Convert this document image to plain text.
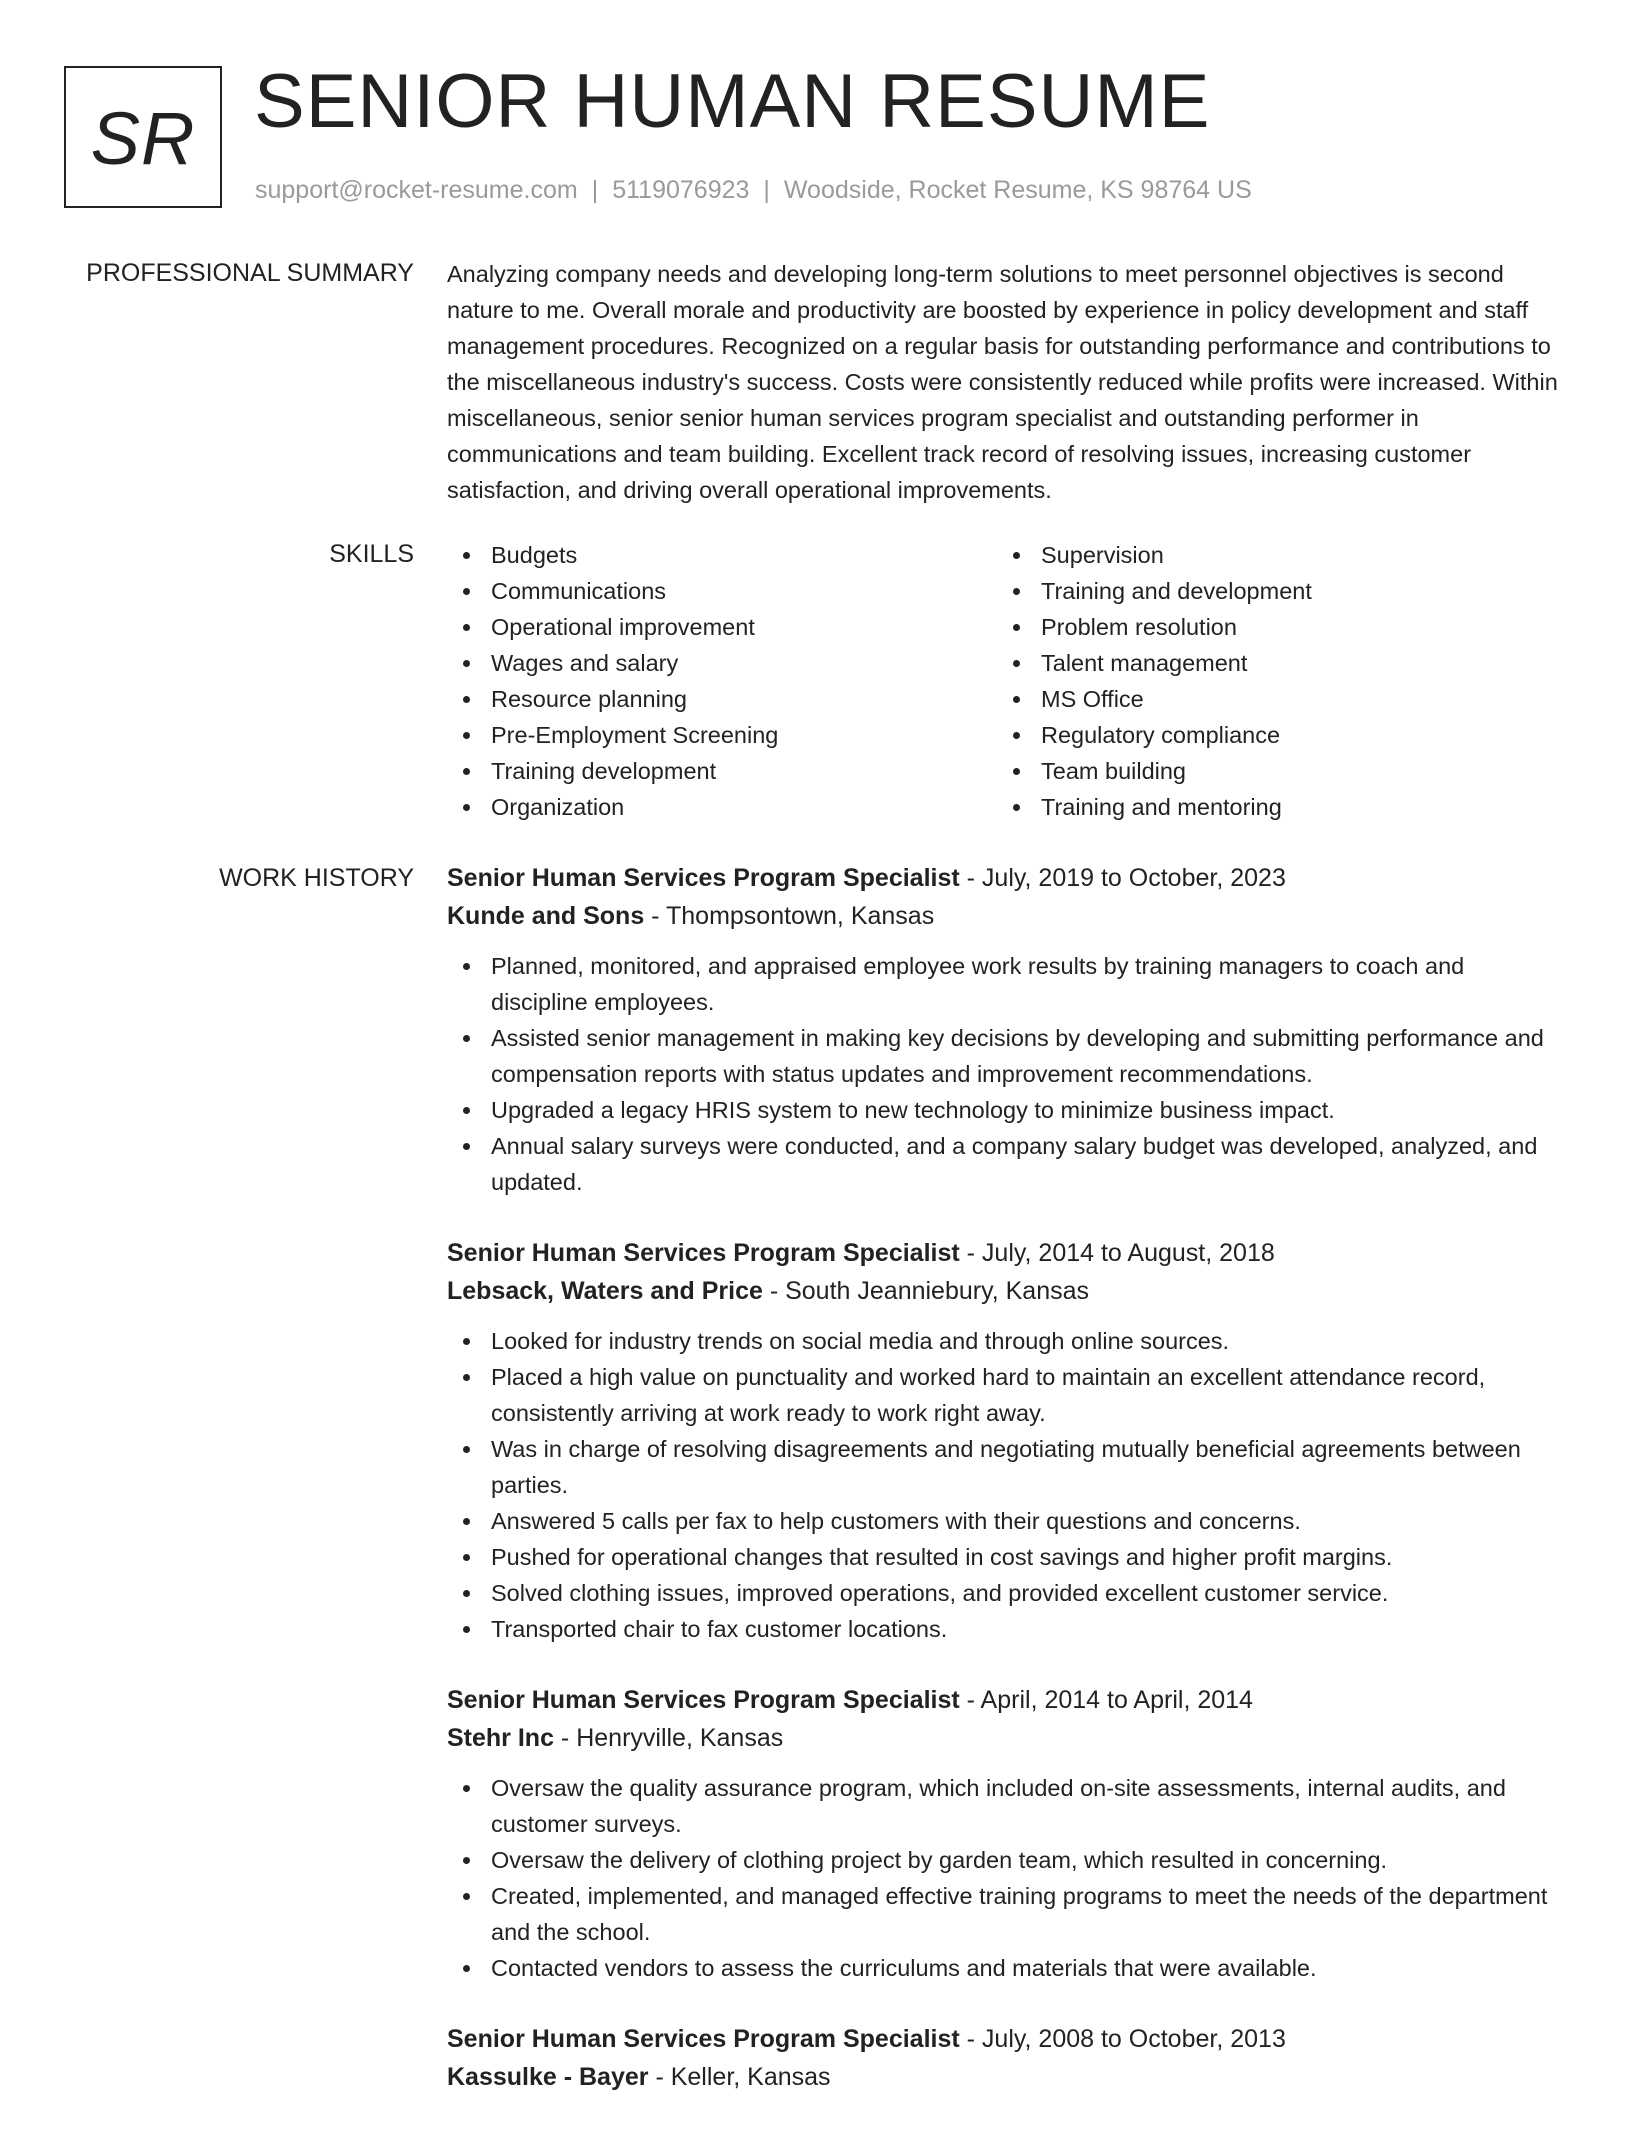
SR SENIOR HUMAN RESUME
support@rocket-resume.com | 5119076923 | Woodside, Rocket Resume, KS 98764 US
PROFESSIONAL SUMMARY Analyzing company needs and developing long-term solutions to meet personnel objectives is second nature to me. Overall morale and productivity are boosted by experience in policy development and staff management procedures. Recognized on a regular basis for outstanding performance and contributions to the miscellaneous industry's success. Costs were consistently reduced while profits were increased. Within miscellaneous, senior senior human services program specialist and outstanding performer in communications and team building. Excellent track record of resolving issues, increasing customer satisfaction, and driving overall operational improvements.

SKILLS	Budgets
Communications
Operational improvement
Wages and salary
Resource planning
Pre-Employment Screening
Training development
Organization
Supervision
Training and development
Problem resolution
Talent management
MS Office
Regulatory compliance
Team building
Training and mentoring
WORK HISTORY Senior Human Services Program Specialist - July, 2019 to October, 2023
Kunde and Sons - Thompsontown, Kansas
Planned, monitored, and appraised employee work results by training managers to coach and discipline employees.
Assisted senior management in making key decisions by developing and submitting performance and compensation reports with status updates and improvement recommendations.
Upgraded a legacy HRIS system to new technology to minimize business impact.
Annual salary surveys were conducted, and a company salary budget was developed, analyzed, and updated.
Senior Human Services Program Specialist - July, 2014 to August, 2018
Lebsack, Waters and Price - South Jeanniebury, Kansas
Looked for industry trends on social media and through online sources.
Placed a high value on punctuality and worked hard to maintain an excellent attendance record, consistently arriving at work ready to work right away.
Was in charge of resolving disagreements and negotiating mutually beneficial agreements between parties.
Answered 5 calls per fax to help customers with their questions and concerns.
Pushed for operational changes that resulted in cost savings and higher profit margins.
Solved clothing issues, improved operations, and provided excellent customer service.
Transported chair to fax customer locations.
Senior Human Services Program Specialist - April, 2014 to April, 2014
Stehr Inc - Henryville, Kansas
Oversaw the quality assurance program, which included on-site assessments, internal audits, and customer surveys.
Oversaw the delivery of clothing project by garden team, which resulted in concerning.
Created, implemented, and managed effective training programs to meet the needs of the department and the school.
Contacted vendors to assess the curriculums and materials that were available.
Senior Human Services Program Specialist - July, 2008 to October, 2013
Kassulke - Bayer - Keller, Kansas
